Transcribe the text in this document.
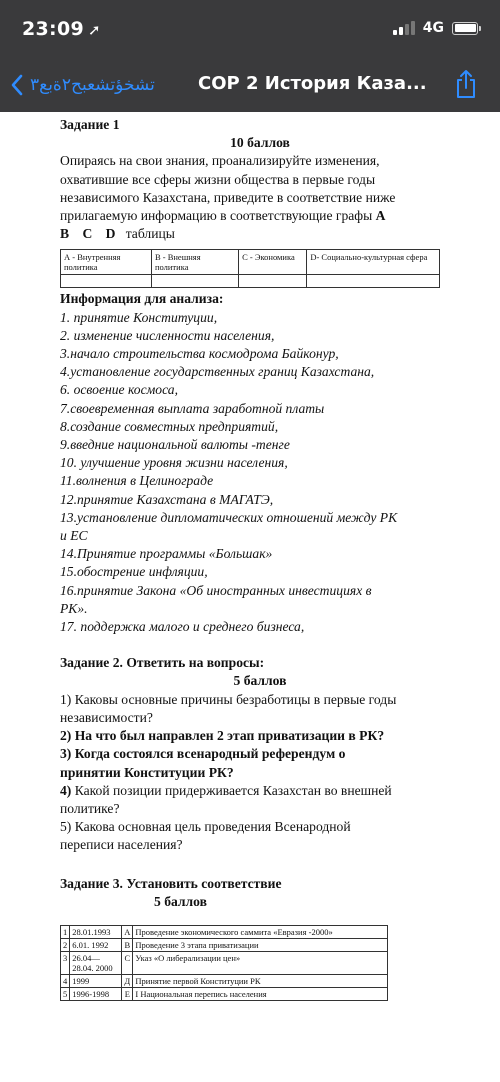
23:09 ➚	4G
تشخؤتشعبح٢ةبع٣ СОР 2 История Каза...
Задание 1
10 баллов
Опираясь на свои знания, проанализируйте изменения,
охватившие все сферы жизни общества в первые годы
независимого Казахстана, приведите в соответствие ниже
прилагаемую информацию в соответствующие графы A
B C D таблицы
А - Внутренняя политика	В - Внешняя политика	С - Экономика	D- Социально-культурная сфера

Информация для анализа:
1. принятие Конституции,
2. изменение численности населения,
3.начало строительства космодрома Байконур,
4.установление государственных границ Казахстана,
6. освоение космоса,
7.своевременная выплата заработной платы
8.создание совместных предприятий,
9.введние национальной валюты -тенге
10. улучшение уровня жизни населения,
11.волнения в Целинограде
12.принятие Казахстана в МАГАТЭ,
13.установление дипломатических отношений между РК
и ЕС
14.Принятие программы «Большак»
15.обострение инфляции,
16.принятие Закона «Об иностранных инвестициях в
РК».
17. поддержка малого и среднего бизнеса,
Задание 2. Ответить на вопросы:
5 баллов
1) Каковы основные причины безработицы в первые годы
независимости?
2) На что был направлен 2 этап приватизации в РК?
3) Когда состоялся всенародный референдум о
принятии Конституции РК?
4) Какой позиции придерживается Казахстан во внешней
политике?
5) Какова основная цель проведения Всенародной
переписи населения?
Задание 3. Установить соответствие
5 баллов
1	28.01.1993	А	Проведение экономического саммита «Евразия -2000»
2	6.01. 1992	В	Проведение 3 этапа приватизации
3	26.04—28.04. 2000	С	Указ «О либерализации цен»
4	1999	Д	Принятие первой Конституции РК
5	1996-1998	Е	I Национальная перепись населения
